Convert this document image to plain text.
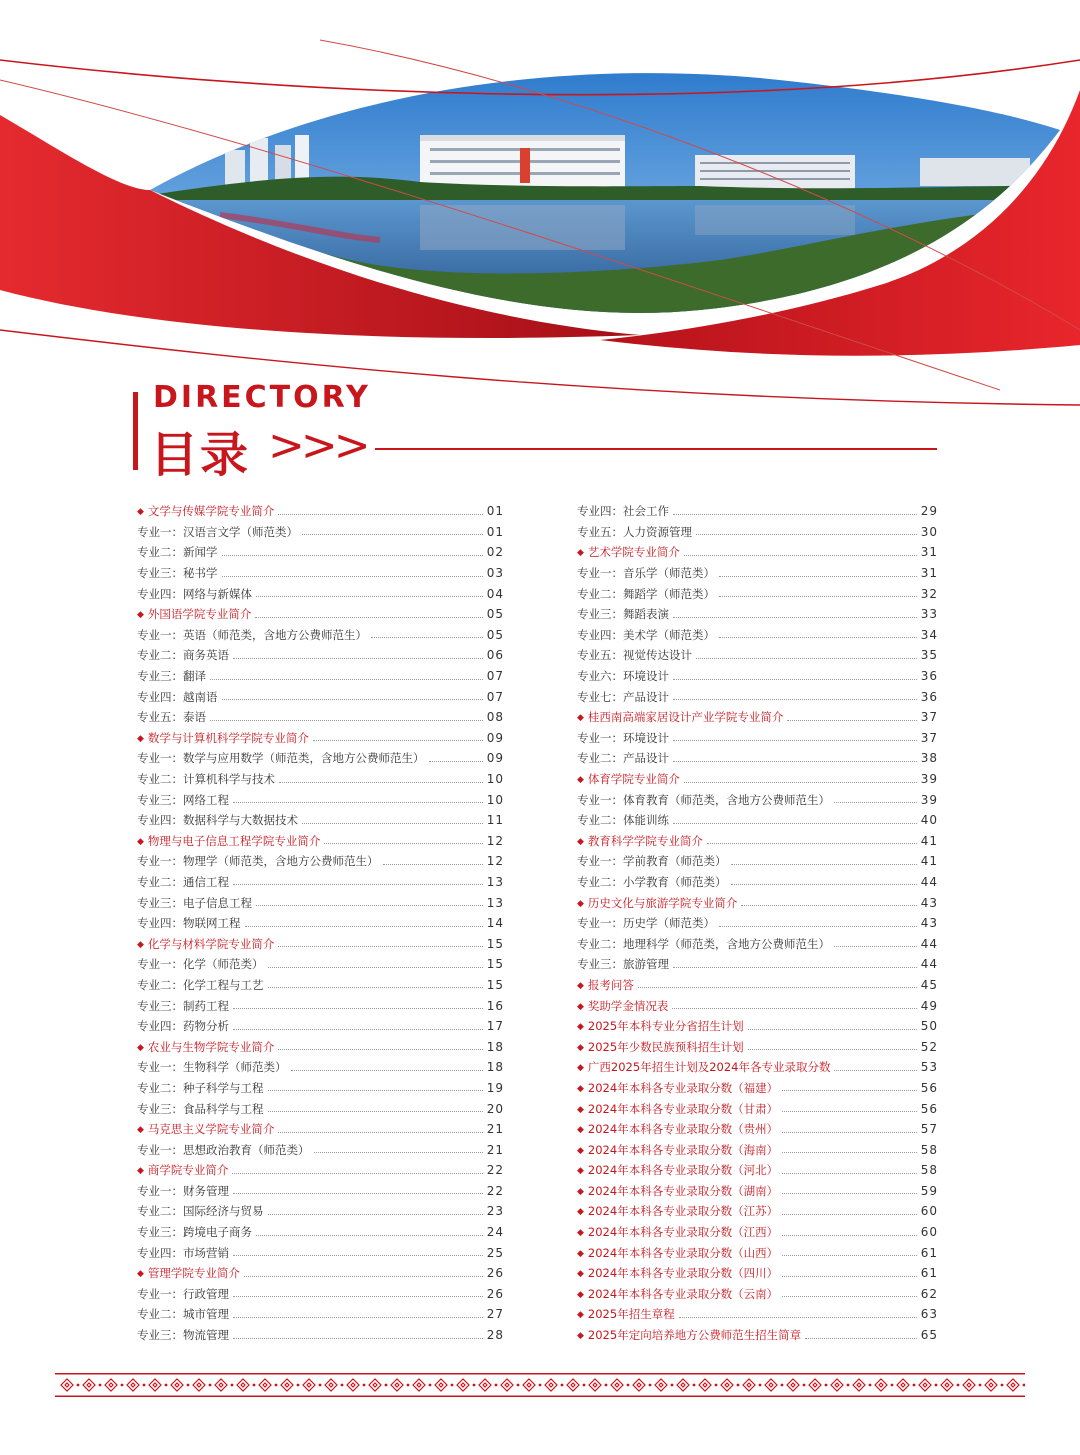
DIRECTORY
目录 >>>
◆ 文学与传媒学院专业简介	01
专业一：汉语言文学（师范类）	01
专业二：新闻学	02
专业三：秘书学	03
专业四：网络与新媒体	04
◆ 外国语学院专业简介	05
专业一：英语（师范类，含地方公费师范生）	05
专业二：商务英语	06
专业三：翻译	07
专业四：越南语	07
专业五：泰语	08
◆ 数学与计算机科学学院专业简介	09
专业一：数学与应用数学（师范类，含地方公费师范生）	09
专业二：计算机科学与技术	10
专业三：网络工程	10
专业四：数据科学与大数据技术	11
◆ 物理与电子信息工程学院专业简介	12
专业一：物理学（师范类，含地方公费师范生）	12
专业二：通信工程	13
专业三：电子信息工程	13
专业四：物联网工程	14
◆ 化学与材料学院专业简介	15
专业一：化学（师范类）	15
专业二：化学工程与工艺	15
专业三：制药工程	16
专业四：药物分析	17
◆ 农业与生物学院专业简介	18
专业一：生物科学（师范类）	18
专业二：种子科学与工程	19
专业三：食品科学与工程	20
◆ 马克思主义学院专业简介	21
专业一：思想政治教育（师范类）	21
◆ 商学院专业简介	22
专业一：财务管理	22
专业二：国际经济与贸易	23
专业三：跨境电子商务	24
专业四：市场营销	25
◆ 管理学院专业简介	26
专业一：行政管理	26
专业二：城市管理	27
专业三：物流管理	28
专业四：社会工作	29
专业五：人力资源管理	30
◆ 艺术学院专业简介	31
专业一：音乐学（师范类）	31
专业二：舞蹈学（师范类）	32
专业三：舞蹈表演	33
专业四：美术学（师范类）	34
专业五：视觉传达设计	35
专业六：环境设计	36
专业七：产品设计	36
◆ 桂西南高端家居设计产业学院专业简介	37
专业一：环境设计	37
专业二：产品设计	38
◆ 体育学院专业简介	39
专业一：体育教育（师范类，含地方公费师范生）	39
专业二：体能训练	40
◆ 教育科学学院专业简介	41
专业一：学前教育（师范类）	41
专业二：小学教育（师范类）	44
◆ 历史文化与旅游学院专业简介	43
专业一：历史学（师范类）	43
专业二：地理科学（师范类，含地方公费师范生）	44
专业三：旅游管理	44
◆ 报考问答	45
◆ 奖助学金情况表	49
◆ 2025年本科专业分省招生计划	50
◆ 2025年少数民族预科招生计划	52
◆ 广西2025年招生计划及2024年各专业录取分数	53
◆ 2024年本科各专业录取分数（福建）	56
◆ 2024年本科各专业录取分数（甘肃）	56
◆ 2024年本科各专业录取分数（贵州）	57
◆ 2024年本科各专业录取分数（海南）	58
◆ 2024年本科各专业录取分数（河北）	58
◆ 2024年本科各专业录取分数（湖南）	59
◆ 2024年本科各专业录取分数（江苏）	60
◆ 2024年本科各专业录取分数（江西）	60
◆ 2024年本科各专业录取分数（山西）	61
◆ 2024年本科各专业录取分数（四川）	61
◆ 2024年本科各专业录取分数（云南）	62
◆ 2025年招生章程	63
◆ 2025年定向培养地方公费师范生招生简章	65
